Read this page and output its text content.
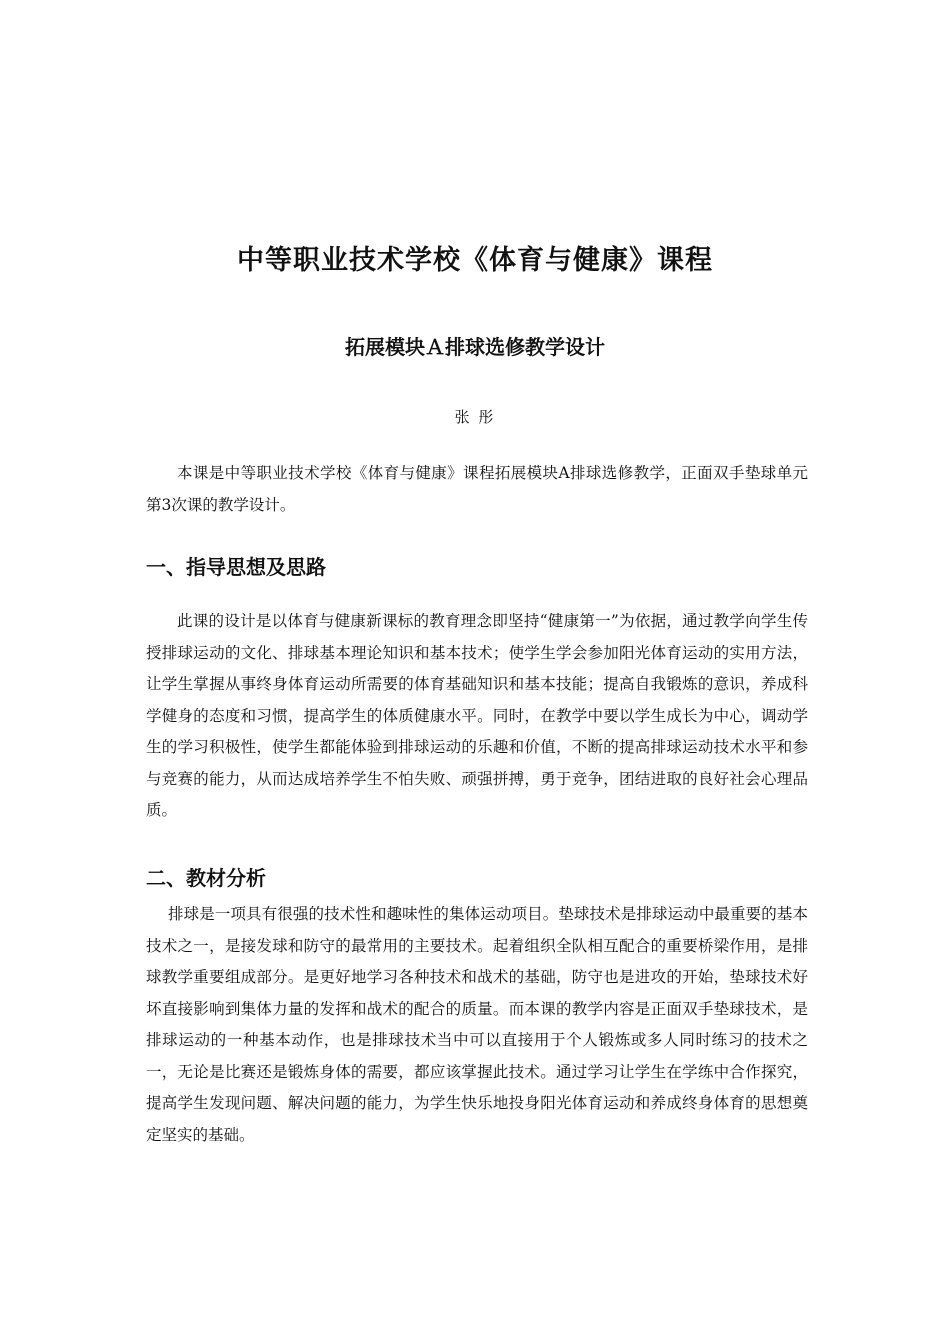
中等职业技术学校《体育与健康》课程
拓展模块Ａ排球选修教学设计
张 彤

本课是中等职业技术学校《体育与健康》课程拓展模块A排球选修教学，正面双手垫球单元第3次课的教学设计。

一、指导思想及思路

此课的设计是以体育与健康新课标的教育理念即坚持“健康第一”为依据，通过教学向学生传授排球运动的文化、排球基本理论知识和基本技术；使学生学会参加阳光体育运动的实用方法，让学生掌握从事终身体育运动所需要的体育基础知识和基本技能；提高自我锻炼的意识，养成科学健身的态度和习惯，提高学生的体质健康水平。同时，在教学中要以学生成长为中心，调动学生的学习积极性，使学生都能体验到排球运动的乐趣和价值，不断的提高排球运动技术水平和参与竞赛的能力，从而达成培养学生不怕失败、顽强拼搏，勇于竞争，团结进取的良好社会心理品质。

二、教材分析

排球是一项具有很强的技术性和趣味性的集体运动项目。垫球技术是排球运动中最重要的基本技术之一，是接发球和防守的最常用的主要技术。起着组织全队相互配合的重要桥梁作用，是排球教学重要组成部分。是更好地学习各种技术和战术的基础，防守也是进攻的开始，垫球技术好坏直接影响到集体力量的发挥和战术的配合的质量。而本课的教学内容是正面双手垫球技术，是排球运动的一种基本动作，也是排球技术当中可以直接用于个人锻炼或多人同时练习的技术之一，无论是比赛还是锻炼身体的需要，都应该掌握此技术。通过学习让学生在学练中合作探究，提高学生发现问题、解决问题的能力，为学生快乐地投身阳光体育运动和养成终身体育的思想奠定坚实的基础。
